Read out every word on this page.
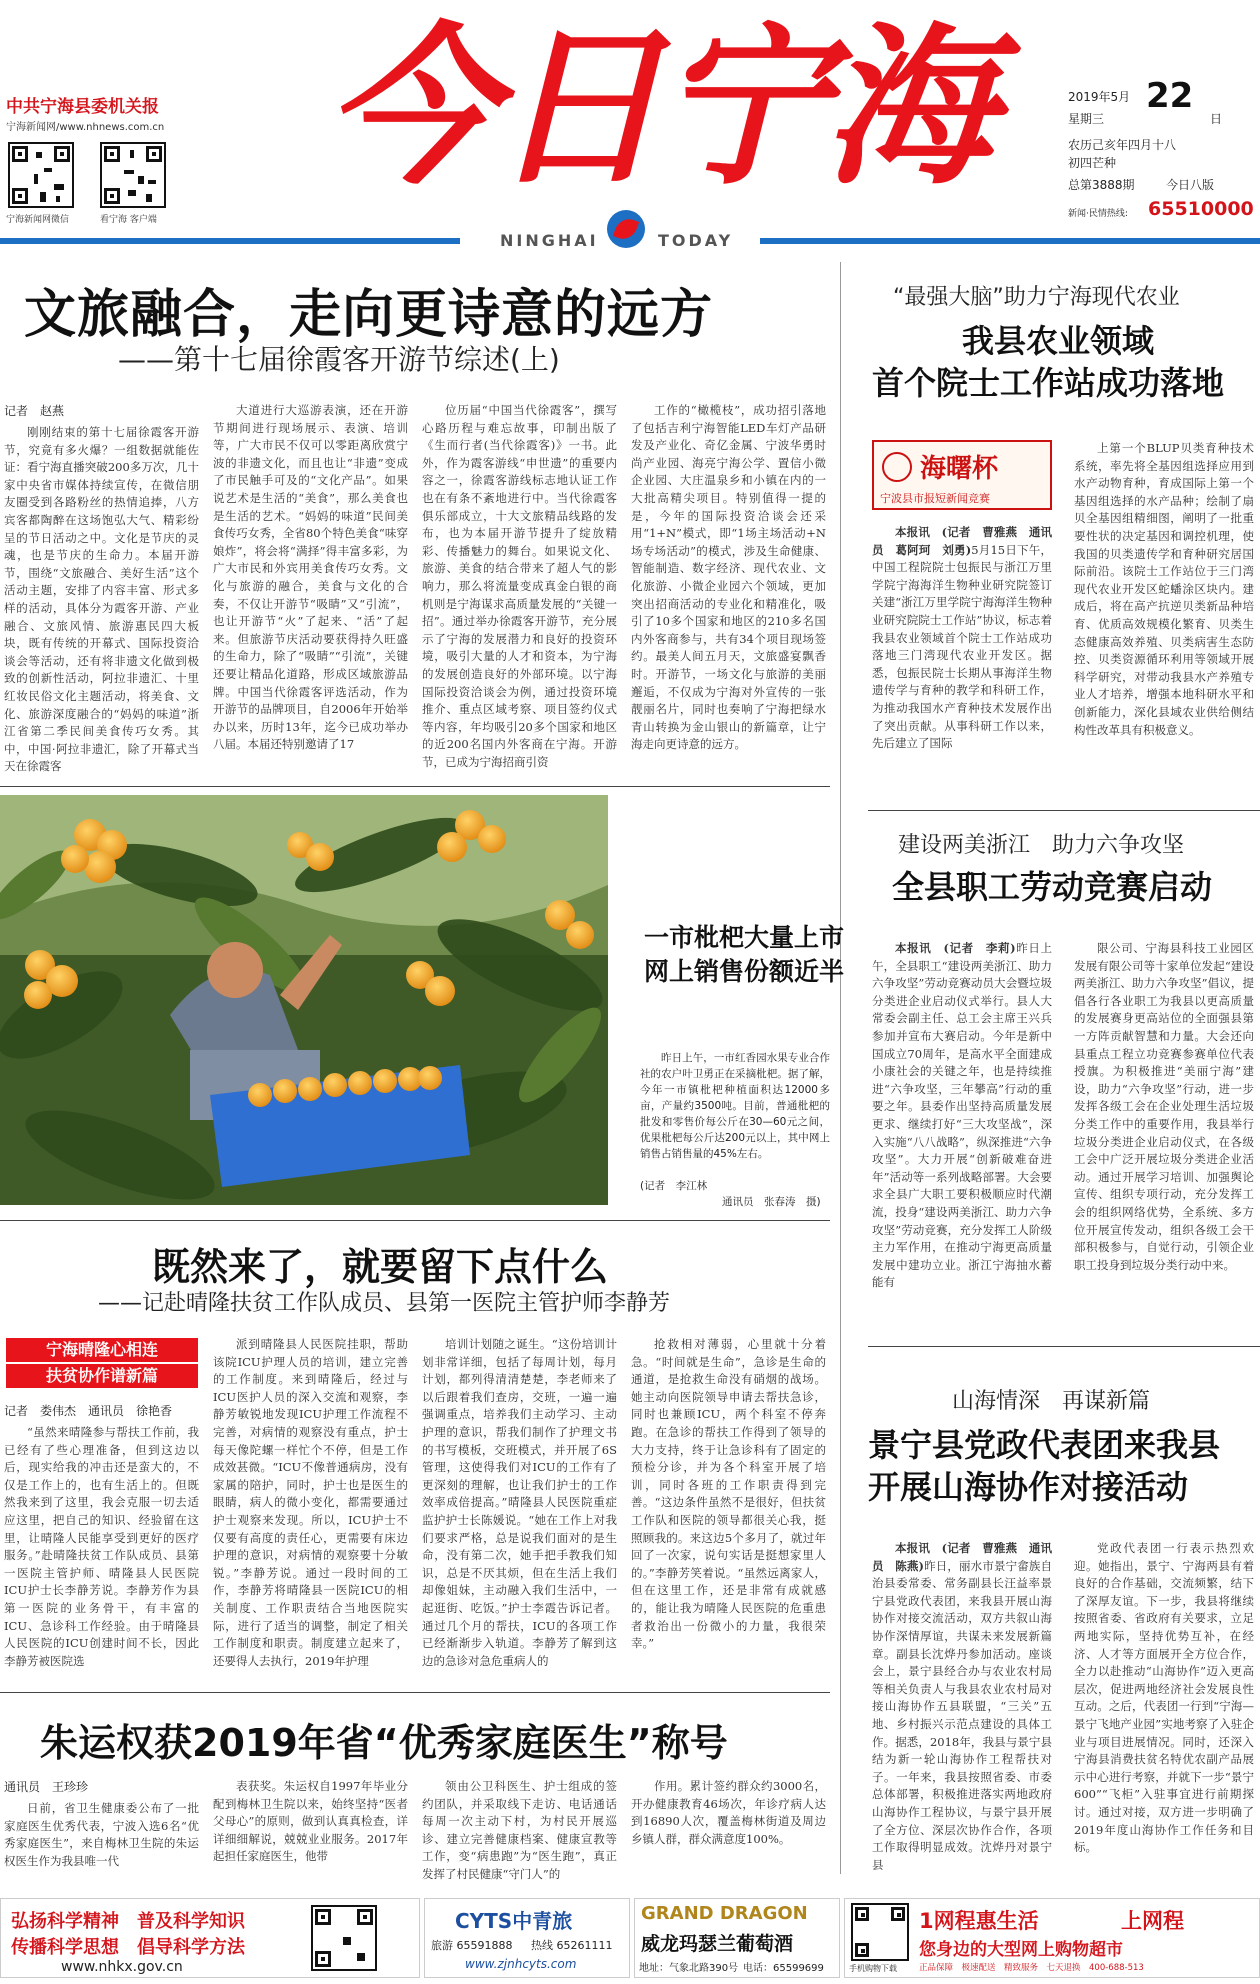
中共宁海县委机关报
宁海新闻网/www.nhnews.com.cn
宁海新闻网微信	看宁海 客户端
今日宁海
NINGHAI	TODAY
2019年5月 22
日
星期三
农历己亥年四月十八
初四芒种
总第3888期	今日八版
新闻·民情热线: 65510000
文旅融合，走向更诗意的远方
——第十七届徐霞客开游节综述(上)
记者　赵燕

刚刚结束的第十七届徐霞客开游节，究竟有多火爆？一组数据就能佐证：看宁海直播突破200多万次，几十家中央省市媒体持续宣传，在微信朋友圈受到各路粉丝的热情追捧，八方宾客都陶醉在这场饱弘大气、精彩纷呈的节日活动之中。文化是节庆的灵魂，也是节庆的生命力。本届开游节，围绕“文旅融合、美好生活”这个活动主题，安排了内容丰富、形式多样的活动，具体分为霞客开游、产业融合、文旅风情、旅游惠民四大板块，既有传统的开幕式、国际投资洽谈会等活动，还有将非遗文化做到极致的创新性活动，阿拉非遗汇、十里红妆民俗文化主题活动，将美食、文化、旅游深度融合的“妈妈的味道”浙江省第二季民间美食传巧女秀。其中，中国·阿拉非遗汇，除了开幕式当天在徐霞客

大道进行大巡游表演，还在开游节期间进行现场展示、表演、培训等，广大市民不仅可以零距离欣赏宁波的非遗文化，而且也让“非遗”变成了市民触手可及的“文化产品”。如果说艺术是生活的“美食”，那么美食也是生活的艺术。“妈妈的味道”民间美食传巧女秀，全省80个特色美食“味穿娘炸”，将会将“满择”得丰富多彩，为广大市民和外宾用美食传巧女秀。文化与旅游的融合，美食与文化的合奏，不仅让开游节“吸睛”又“引流”，也让开游节“火”了起来、“活”了起来。但旅游节庆活动要获得持久旺盛的生命力，除了“吸睛”“引流”，关键还要让精品化道路，形成区域旅游品牌。中国当代徐霞客评选活动，作为开游节的品牌项目，自2006年开始举办以来，历时13年，迄今已成功举办八届。本届还特别邀请了17

位历届“中国当代徐霞客”，撰写心路历程与难忘故事，印制出版了《生而行者(当代徐霞客)》一书。此外，作为霞客游线“申世遗”的重要内容之一，徐霞客游线标志地认证工作也在有条不紊地进行中。当代徐霞客俱乐部成立，十大文旅精品线路的发布，也为本届开游节提升了绽放精彩、传播魅力的舞台。如果说文化、旅游、美食的结合带来了超人气的影响力，那么将流量变成真金白银的商机则是宁海谋求高质量发展的“关键一招”。通过举办徐霞客开游节，充分展示了宁海的发展潜力和良好的投资环境，吸引大量的人才和资本，为宁海的发展创造良好的外部环境。以宁海国际投资洽谈会为例，通过投资环境推介、重点区域考察、项目签约仪式等内容，年均吸引20多个国家和地区的近200名国内外客商在宁海。开游节，已成为宁海招商引资

工作的“橄榄枝”，成功招引落地了包括吉利宁海智能LED车灯产品研发及产业化、奇亿金属、宁波华勇时尚产业园、海亮宁海公学、置信小微企业园、大庄温泉乡和小镇在内的一大批高精尖项目。特别值得一提的是，今年的国际投资洽谈会还采用“1+N”模式，即“1场主场活动+N场专场活动”的模式，涉及生命健康、智能制造、数字经济、现代农业、文化旅游、小微企业园六个领域，更加突出招商活动的专业化和精准化，吸引了10多个国家和地区的210多名国内外客商参与，共有34个项目现场签约。最美人间五月天，文旅盛宴飘香时。开游节，一场文化与旅游的美丽邂逅，不仅成为宁海对外宣传的一张靓丽名片，同时也奏响了宁海把绿水青山转换为金山银山的新篇章，让宁海走向更诗意的远方。

一市枇杷大量上市
网上销售份额近半
昨日上午，一市红香园水果专业合作社的农户叶卫勇正在采摘枇杷。据了解，今年一市镇枇杷种植面积达12000多亩，产量约3500吨。目前，普通枇杷的批发和零售价每公斤在30—60元之间，优果枇杷每公斤达200元以上，其中网上销售占销售量的45%左右。
(记者　李江林
通讯员　张春涛　摄)
既然来了，就要留下点什么
——记赴晴隆扶贫工作队成员、县第一医院主管护师李静芳
宁海晴隆心相连
扶贫协作谱新篇
记者　娄伟杰　通讯员　徐艳香

“虽然来晴隆参与帮扶工作前，我已经有了些心理准备，但到这边以后，现实给我的冲击还是蛮大的，不仅是工作上的，也有生活上的。但既然我来到了这里，我会克服一切去适应这里，把自己的知识、经验留在这里，让晴隆人民能享受到更好的医疗服务。”赴晴隆扶贫工作队成员、县第一医院主管护师、晴隆县人民医院ICU护士长李静芳说。李静芳作为县第一医院的业务骨干，有丰富的ICU、急诊科工作经验。由于晴隆县人民医院的ICU创建时间不长，因此李静芳被医院选

派到晴隆县人民医院挂职，帮助该院ICU护理人员的培训，建立完善的工作制度。来到晴隆后，经过与ICU医护人员的深入交流和观察，李静芳敏锐地发现ICU护理工作流程不完善，对病情的观察没有重点，护士每天像陀螺一样忙个不停，但是工作成效甚微。“ICU不像普通病房，没有家属的陪护，同时，护士也是医生的眼睛，病人的微小变化，都需要通过护士观察来发现。所以，ICU护士不仅要有高度的责任心，更需要有床边护理的意识，对病情的观察要十分敏锐。”李静芳说。通过一段时间的工作，李静芳将晴隆县一医院ICU的相关制度、工作职责结合当地医院实际，进行了适当的调整，制定了相关工作制度和职责。制度建立起来了，还要得人去执行，2019年护理

培训计划随之诞生。“这份培训计划非常详细，包括了每周计划，每月计划，都列得清清楚楚，李老师来了以后跟着我们查房，交班，一遍一遍强调重点，培养我们主动学习、主动护理的意识，帮我们制作了护理文书的书写模板，交班模式，并开展了6S管理，这使得我们对ICU的工作有了更深刻的理解，也让我们护士的工作效率成倍提高。”晴隆县人民医院重症监护护士长陈媛说。“她在工作上对我们要求严格，总是说我们面对的是生命，没有第二次，她手把手教我们知识，总是不厌其烦，但在生活上我们却像姐妹，主动融入我们生活中，一起逛街、吃饭。”护士李霞告诉记者。通过几个月的帮扶，ICU的各项工作已经渐渐步入轨道。李静芳了解到这边的急诊对急危重病人的

抢救相对薄弱，心里就十分着急。“时间就是生命”，急诊是生命的通道，是抢救生命没有硝烟的战场。她主动向医院领导申请去帮扶急诊，同时也兼顾ICU，两个科室不停奔跑。在急诊的帮扶工作得到了领导的大力支持，终于让急诊科有了固定的预检分诊，并为各个科室开展了培训，同时各班的工作职责得到完善。“这边条件虽然不是很好，但扶贫工作队和医院的领导都很关心我，挺照顾我的。来这边5个多月了，就过年回了一次家，说句实话是挺想家里人的。”李静芳笑着说。“虽然远离家人，但在这里工作，还是非常有成就感的，能让我为晴隆人民医院的危重患者救治出一份微小的力量，我很荣幸。”

朱运权获2019年省“优秀家庭医生”称号
通讯员　王珍珍

日前，省卫生健康委公布了一批家庭医生优秀代表，宁波入选6名“优秀家庭医生”，来自梅林卫生院的朱运权医生作为我县唯一代

表获奖。朱运权自1997年毕业分配到梅林卫生院以来，始终坚持“医者父母心”的原则，做到认真真检查，详详细细解说，兢兢业业服务。2017年起担任家庭医生，他带

领由公卫科医生、护士组成的签约团队，并采取线下走访、电话通话每周一次主动下村，为村民开展巡诊、建立完善健康档案、健康宣教等工作，变“病患跑”为“医生跑”，真正发挥了村民健康“守门人”的

作用。累计签约群众约3000名，开办健康教育46场次，年诊疗病人达到16890人次，覆盖梅林街道及周边乡镇人群，群众满意度100%。

“最强大脑”助力宁海现代农业
我县农业领域
首个院士工作站成功落地
海曙杯
宁波县市报短新闻竞赛

本报讯　(记者　曹雅燕　通讯员　葛阿珂　刘勇)5月15日下午，中国工程院院士包振民与浙江万里学院宁海海洋生物种业研究院签订关建“浙江万里学院宁海海洋生物种业研究院院士工作站”协议，标志着我县农业领域首个院士工作站成功落地三门湾现代农业开发区。据悉，包振民院士长期从事海洋生物遗传学与育种的教学和科研工作，为推动我国水产育种技术发展作出了突出贡献。从事科研工作以来，先后建立了国际

上第一个BLUP贝类育种技术系统，率先将全基因组选择应用到水产动物育种，育成国际上第一个基因组选择的水产品种；绘制了扇贝全基因组精细图，阐明了一批重要性状的决定基因和调控机理，使我国的贝类遗传学和育种研究居国际前沿。该院士工作站位于三门湾现代农业开发区蛇蟠涂区块内。建成后，将在高产抗逆贝类新品种培育、优质高效规模化繁育、贝类生态健康高效养殖、贝类病害生态防控、贝类资源循环利用等领域开展科学研究，对带动我县水产养殖专业人才培养，增强本地科研水平和创新能力，深化县域农业供给侧结构性改革具有积极意义。

建设两美浙江　助力六争攻坚
全县职工劳动竞赛启动

本报讯　(记者　李莉)昨日上午，全县职工“建设两美浙江、助力六争攻坚”劳动竞赛动员大会暨垃圾分类进企业启动仪式举行。县人大常委会副主任、总工会主席王兴兵参加并宣布大赛启动。今年是新中国成立70周年，是高水平全面建成小康社会的关键之年，也是持续推进“六争攻坚，三年攀高”行动的重要之年。县委作出坚持高质量发展更求、继续打好“三大攻坚战”，深入实施“八八战略”，纵深推进“六争攻坚”。大力开展“创新破难奋进年”活动等一系列战略部署。大会要求全县广大职工要积极顺应时代潮流，投身“建设两美浙江、助力六争攻坚”劳动竞赛，充分发挥工人阶级主力军作用，在推动宁海更高质量发展中建功立业。浙江宁海抽水蓄能有

限公司、宁海县科技工业园区发展有限公司等十家单位发起“建设两美浙江、助力六争攻坚”倡议，提倡各行各业职工为我县以更高质量的发展赛身更高站位的全面强县第一方阵贡献智慧和力量。大会还向县重点工程立功竞赛参赛单位代表授旗。为积极推进“美丽宁海”建设，助力“六争攻坚”行动，进一步发挥各级工会在企业处理生活垃圾分类工作中的重要作用，我县举行垃圾分类进企业启动仪式，在各级工会中广泛开展垃圾分类进企业活动。通过开展学习培训、加强舆论宣传、组织专项行动，充分发挥工会的组织网络优势，全系统、多方位开展宣传发动，组织各级工会干部积极参与，自觉行动，引领企业职工投身到垃圾分类行动中来。

山海情深　再谋新篇
景宁县党政代表团来我县
开展山海协作对接活动

本报讯　(记者　曹雅燕　通讯员　陈燕)昨日，丽水市景宁畲族自治县委常委、常务副县长汪益率景宁县党政代表团，来我县开展山海协作对接交流活动，双方共叙山海协作深情厚谊，共谋未来发展新篇章。副县长沈烨丹参加活动。座谈会上，景宁县经合办与农业农村局等相关负责人与我县农业农村局对接山海协作五县联盟，“三关”五地、乡村振兴示范点建设的具体工作。据悉，2018年，我县与景宁县结为新一轮山海协作工程帮扶对子。一年来，我县按照省委、市委总体部署，积极推进落实两地政府山海协作工程协议，与景宁县开展了全方位、深层次协作合作，各项工作取得明显成效。沈烨丹对景宁县

党政代表团一行表示热烈欢迎。她指出，景宁、宁海两县有着良好的合作基础，交流频繁，结下了深厚友谊。下一步，我县将继续按照省委、省政府有关要求，立足两地实际，坚持优势互补，在经济、人才等方面展开全方位合作，全力以赴推动“山海协作”迈入更高层次，促进两地经济社会发展良性互动。之后，代表团一行到“宁海—景宁飞地产业园”实地考察了入驻企业与项目进展情况。同时，还深入宁海县消费扶贫名特优农副产品展示中心进行考察，并就下一步“景宁600”“飞柜”入驻事宜进行前期探讨。通过对接，双方进一步明确了2019年度山海协作工作任务和目标。

弘扬科学精神　普及科学知识
传播科学思想　倡导科学方法
www.nhkx.gov.cn
CYTS中青旅
旅游 65591888 热线 65261111
www.zjnhcyts.com
GRAND DRAGON
威龙玛瑟兰葡萄酒
地址：气象北路390号 电话：65599699	手机购物下载
1网程惠生活	上网程
您身边的大型网上购物超市
正品保障　极速配送　精致服务　七天退换　400-688-513
